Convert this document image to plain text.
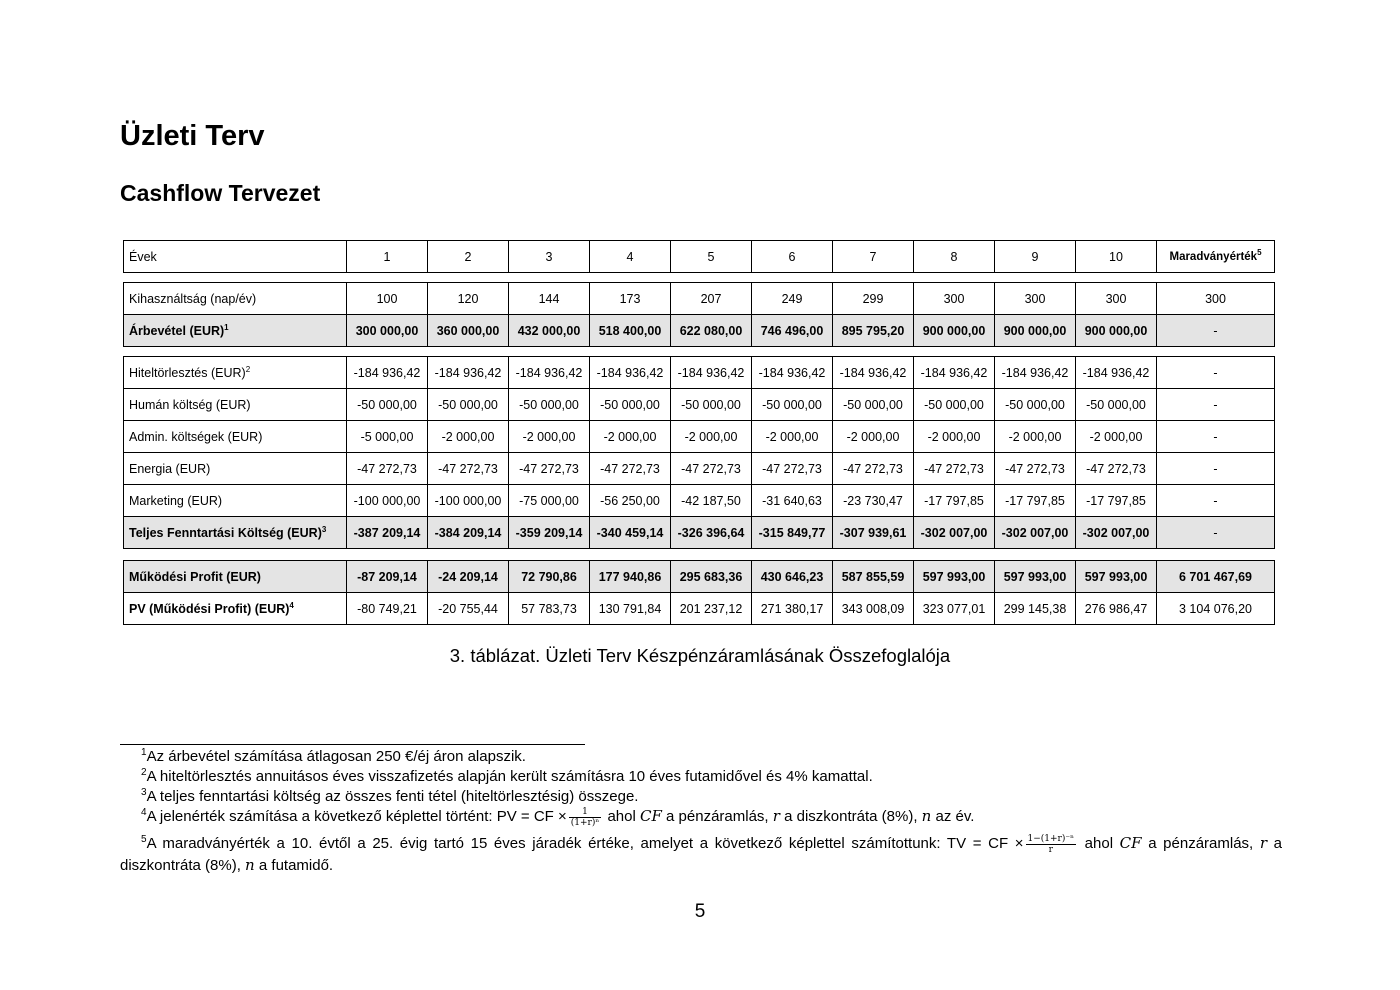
Üzleti Terv
Cashflow Tervezet
Évek	1	2	3	4	5	6	7	8	9	10	Maradványérték$^5$
Kihasználtság (nap/év)	100	120	144	173	207	249	299	300	300	300	300
Árbevétel (EUR)$^1$	300 000,00	360 000,00	432 000,00	518 400,00	622 080,00	746 496,00	895 795,20	900 000,00	900 000,00	900 000,00	-
Hiteltörlesztés (EUR)$^2$	-184 936,42	-184 936,42	-184 936,42	-184 936,42	-184 936,42	-184 936,42	-184 936,42	-184 936,42	-184 936,42	-184 936,42	-
Humán költség (EUR)	-50 000,00	-50 000,00	-50 000,00	-50 000,00	-50 000,00	-50 000,00	-50 000,00	-50 000,00	-50 000,00	-50 000,00	-
Admin. költségek (EUR)	-5 000,00	-2 000,00	-2 000,00	-2 000,00	-2 000,00	-2 000,00	-2 000,00	-2 000,00	-2 000,00	-2 000,00	-
Energia (EUR)	-47 272,73	-47 272,73	-47 272,73	-47 272,73	-47 272,73	-47 272,73	-47 272,73	-47 272,73	-47 272,73	-47 272,73	-
Marketing (EUR)	-100 000,00	-100 000,00	-75 000,00	-56 250,00	-42 187,50	-31 640,63	-23 730,47	-17 797,85	-17 797,85	-17 797,85	-
Teljes Fenntartási Költség (EUR)$^3$	-387 209,14	-384 209,14	-359 209,14	-340 459,14	-326 396,64	-315 849,77	-307 939,61	-302 007,00	-302 007,00	-302 007,00	-
Működési Profit (EUR)	-87 209,14	-24 209,14	72 790,86	177 940,86	295 683,36	430 646,23	587 855,59	597 993,00	597 993,00	597 993,00	6 701 467,69
PV (Működési Profit) (EUR)$^4$	-80 749,21	-20 755,44	57 783,73	130 791,84	201 237,12	271 380,17	343 008,09	323 077,01	299 145,38	276 986,47	3 104 076,20
3. táblázat. Üzleti Terv Készpénzáramlásának Összefoglalója

$^1$Az árbevétel számítása átlagosan 250 €/éj áron alapszik.

$^2$A hiteltörlesztés annuitásos éves visszafizetés alapján került számításra 10 éves futamidővel és 4% kamattal.

$^3$A teljes fenntartási költség az összes fenti tétel (hiteltörlesztésig) összege.

$^4$A jelenérték számítása a következő képlettel történt: PV = CF × $\frac{1}{\text{(1+r)ⁿ}}$ ahol CF a pénzáramlás, r a diszkontráta (8%), n az év.

$^5$A maradványérték a 10. évtől a 25. évig tartó 15 éves járadék értéke, amelyet a következő képlettel számítottunk: TV = CF × $\frac{\text{1−(1+r)⁻ⁿ}}{r}$ ahol CF a pénzáramlás, r a diszkontráta (8%), n a futamidő.

5
